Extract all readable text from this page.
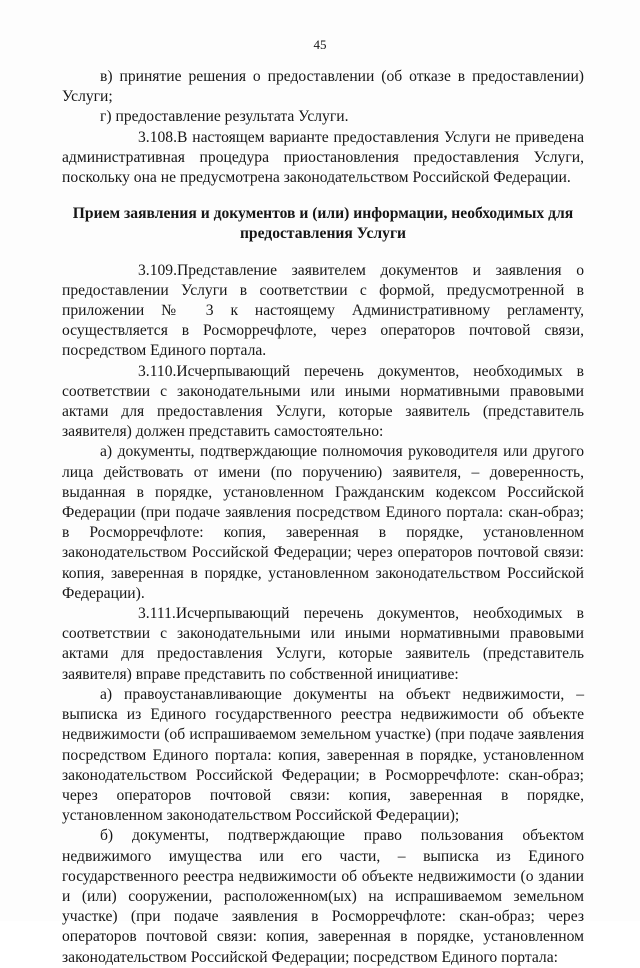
45

в) принятие решения о предоставлении (об отказе в предоставлении) Услуги;

г) предоставление результата Услуги.

3.108.В настоящем варианте предоставления Услуги не приведена административная процедура приостановления предоставления Услуги, поскольку она не предусмотрена законодательством Российской Федерации.

Прием заявления и документов и (или) информации, необходимых для предоставления Услуги

3.109.Представление заявителем документов и заявления о предоставлении Услуги в соответствии с формой, предусмотренной в приложении № 3 к настоящему Административному регламенту, осуществляется в Росморречфлоте, через операторов почтовой связи, посредством Единого портала.

3.110.Исчерпывающий перечень документов, необходимых в соответствии с законодательными или иными нормативными правовыми актами для предоставления Услуги, которые заявитель (представитель заявителя) должен представить самостоятельно:

а) документы, подтверждающие полномочия руководителя или другого лица действовать от имени (по поручению) заявителя, – доверенность, выданная в порядке, установленном Гражданским кодексом Российской Федерации (при подаче заявления посредством Единого портала: скан-образ; в Росморречфлоте: копия, заверенная в порядке, установленном законодательством Российской Федерации; через операторов почтовой связи: копия, заверенная в порядке, установленном законодательством Российской Федерации).

3.111.Исчерпывающий перечень документов, необходимых в соответствии с законодательными или иными нормативными правовыми актами для предоставления Услуги, которые заявитель (представитель заявителя) вправе представить по собственной инициативе:

а) правоустанавливающие документы на объект недвижимости, – выписка из Единого государственного реестра недвижимости об объекте недвижимости (об испрашиваемом земельном участке) (при подаче заявления посредством Единого портала: копия, заверенная в порядке, установленном законодательством Российской Федерации; в Росморречфлоте: скан-образ; через операторов почтовой связи: копия, заверенная в порядке, установленном законодательством Российской Федерации);

б) документы, подтверждающие право пользования объектом недвижимого имущества или его части, – выписка из Единого государственного реестра недвижимости об объекте недвижимости (о здании и (или) сооружении, расположенном(ых) на испрашиваемом земельном участке) (при подаче заявления в Росморречфлоте: скан-образ; через операторов почтовой связи: копия, заверенная в порядке, установленном законодательством Российской Федерации; посредством Единого портала:
